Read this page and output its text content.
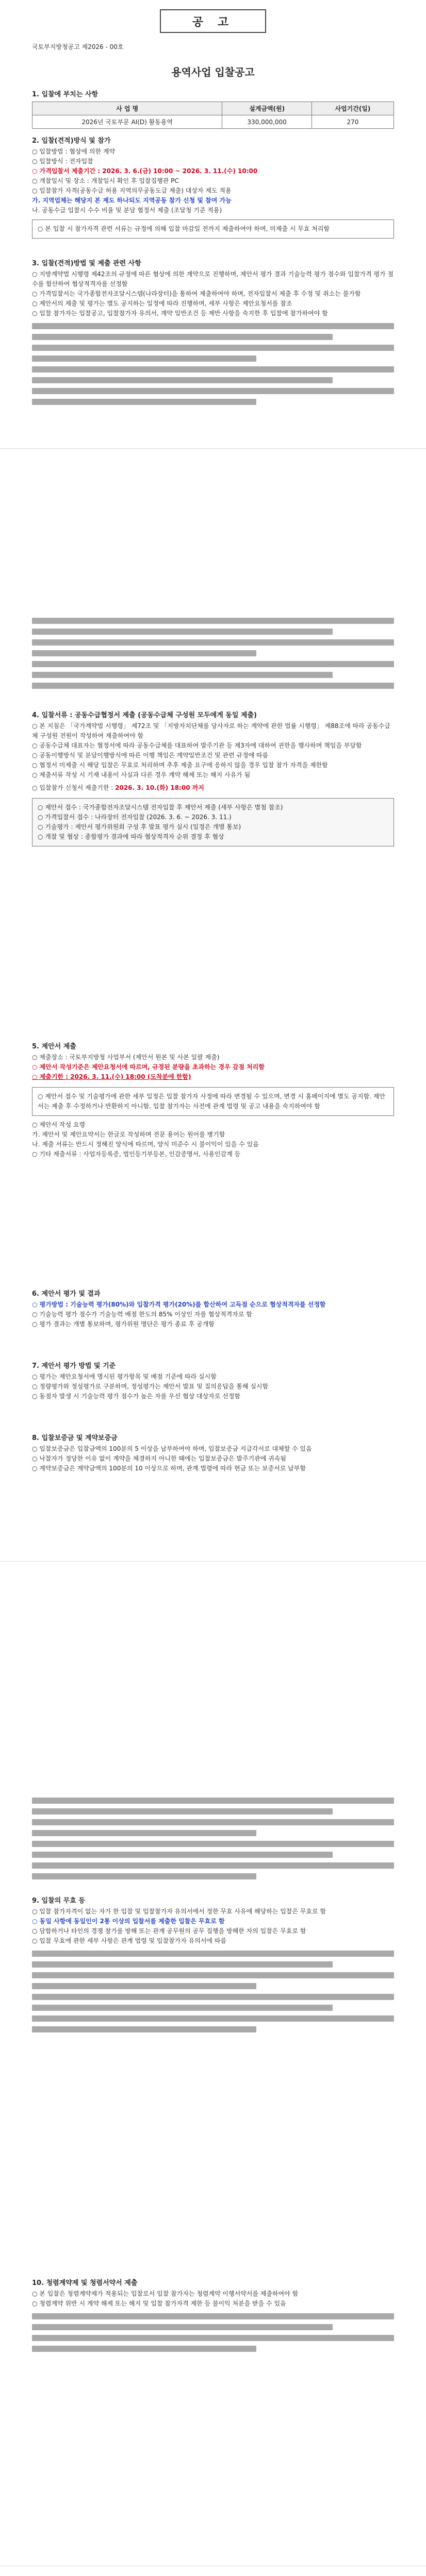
공 고
국토부지방청공고 제2026 - 00호
용역사업 입찰공고
1. 입찰에 부치는 사항
사 업 명	설계금액(원)	사업기간(일)
2026년 국토부문 AI(D) 활동용역	330,000,000	270
2. 입찰(견적)방식 및 참가
○ 입찰방법 : 협상에 의한 계약
○ 입찰방식 : 전자입찰
○ 가격입찰서 제출기간 : 2026. 3. 6.(금) 10:00 ~ 2026. 3. 11.(수) 10:00
○ 개찰일시 및 장소 : 개찰일시 확인 후 입찰집행관 PC
○ 입찰참가 자격(공동수급 허용 지역의무공동도급 제출) 대상자 제도 적용
가. 지역업체는 해당지 본 제도 하나되도 지역공동 참가 신청 및 참여 가능
나. 공동수급 입찰시 수수 비율 및 분담 협정서 제출 (조달청 기준 적용)

○ 본 입찰 시 참가자격 관련 서류는 규정에 의해 입찰 마감일 전까지 제출하여야 하며, 미제출 시 무효 처리함

3. 입찰(견적)방법 및 제출 관련 사항

○ 지방계약법 시행령 제42조의 규정에 따른 협상에 의한 계약으로 진행하며, 제안서 평가 결과 기술능력 평가 점수와 입찰가격 평가 점수를 합산하여 협상적격자를 선정함

○ 가격입찰서는 국가종합전자조달시스템(나라장터)을 통하여 제출하여야 하며, 전자입찰서 제출 후 수정 및 취소는 불가함

○ 제안서의 제출 및 평가는 별도 공지하는 일정에 따라 진행하며, 세부 사항은 제안요청서를 참조

○ 입찰 참가자는 입찰공고, 입찰참가자 유의서, 계약 일반조건 등 제반 사항을 숙지한 후 입찰에 참가하여야 함

4. 입찰서류 : 공동수급협정서 제출 (공동수급체 구성원 모두에게 동일 제출)

○ 본 지침은 「국가계약법 시행령」 제72조 및 「지방자치단체를 당사자로 하는 계약에 관한 법률 시행령」 제88조에 따라 공동수급체 구성원 전원이 작성하여 제출하여야 함

○ 공동수급체 대표자는 협정서에 따라 공동수급체를 대표하여 발주기관 등 제3자에 대하여 권한을 행사하며 책임을 부담함

○ 공동이행방식 및 분담이행방식에 따른 이행 책임은 계약일반조건 및 관련 규정에 따름

○ 협정서 미제출 시 해당 입찰은 무효로 처리하며 추후 제출 요구에 응하지 않을 경우 입찰 참가 자격을 제한함

○ 제출서류 작성 시 기재 내용이 사실과 다른 경우 계약 해제 또는 해지 사유가 됨

○ 입찰참가 신청서 제출기한 : 2026. 3. 10.(화) 18:00 까지

○ 제안서 접수 : 국가종합전자조달시스템 전자입찰 후 제안서 제출 (세부 사항은 별첨 참조)

○ 가격입찰서 접수 : 나라장터 전자입찰 (2026. 3. 6. ~ 2026. 3. 11.)

○ 기술평가 : 제안서 평가위원회 구성 후 발표 평가 실시 (일정은 개별 통보)

○ 개찰 및 협상 : 종합평가 결과에 따라 협상적격자 순위 결정 후 협상

5. 제안서 제출

○ 제출장소 : 국토부지방청 사업부서 (제안서 원본 및 사본 일괄 제출)

○ 제안서 작성기준은 제안요청서에 따르며, 규정된 분량을 초과하는 경우 감점 처리함

○ 제출기한 : 2026. 3. 11.(수) 18:00 (도착분에 한함)

○ 제안서 접수 및 기술평가에 관한 세부 일정은 입찰 참가자 사정에 따라 변경될 수 있으며, 변경 시 홈페이지에 별도 공지함. 제안서는 제출 후 수정하거나 반환하지 아니함. 입찰 참가자는 사전에 관계 법령 및 공고 내용을 숙지하여야 함

○ 제안서 작성 요령

가. 제안서 및 제안요약서는 한글로 작성하며 전문 용어는 원어를 병기함

나. 제출 서류는 반드시 정해진 양식에 따르며, 양식 미준수 시 불이익이 있을 수 있음

○ 기타 제출서류 : 사업자등록증, 법인등기부등본, 인감증명서, 사용인감계 등

6. 제안서 평가 및 결과

○ 평가방법 : 기술능력 평가(80%)와 입찰가격 평가(20%)를 합산하여 고득점 순으로 협상적격자를 선정함

○ 기술능력 평가 점수가 기술능력 배점 한도의 85% 이상인 자를 협상적격자로 함

○ 평가 결과는 개별 통보하며, 평가위원 명단은 평가 종료 후 공개함

7. 제안서 평가 방법 및 기준

○ 평가는 제안요청서에 명시된 평가항목 및 배점 기준에 따라 실시함

○ 정량평가와 정성평가로 구분하며, 정성평가는 제안서 발표 및 질의응답을 통해 실시함

○ 동점자 발생 시 기술능력 평가 점수가 높은 자를 우선 협상 대상자로 선정함

8. 입찰보증금 및 계약보증금

○ 입찰보증금은 입찰금액의 100분의 5 이상을 납부하여야 하며, 입찰보증금 지급각서로 대체할 수 있음

○ 낙찰자가 정당한 이유 없이 계약을 체결하지 아니한 때에는 입찰보증금은 발주기관에 귀속됨

○ 계약보증금은 계약금액의 100분의 10 이상으로 하며, 관계 법령에 따라 현금 또는 보증서로 납부함

9. 입찰의 무효 등

○ 입찰 참가자격이 없는 자가 한 입찰 및 입찰참가자 유의서에서 정한 무효 사유에 해당하는 입찰은 무효로 함

○ 동일 사항에 동일인이 2통 이상의 입찰서를 제출한 입찰은 무효로 함

○ 담합하거나 타인의 경쟁 참가를 방해 또는 관계 공무원의 공무 집행을 방해한 자의 입찰은 무효로 함

○ 입찰 무효에 관한 세부 사항은 관계 법령 및 입찰참가자 유의서에 따름

10. 청렴계약제 및 청렴서약서 제출

○ 본 입찰은 청렴계약제가 적용되는 입찰로서 입찰 참가자는 청렴계약 이행서약서를 제출하여야 함

○ 청렴계약 위반 시 계약 해제 또는 해지 및 입찰 참가자격 제한 등 불이익 처분을 받을 수 있음
